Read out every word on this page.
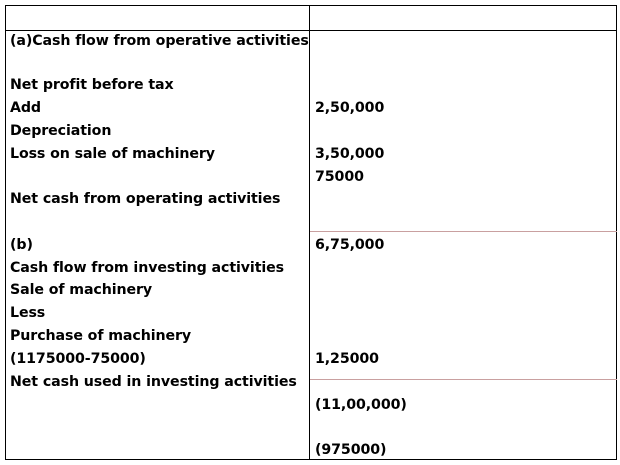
(a)Cash flow from operative activities
Net profit before tax
Add
Depreciation
Loss on sale of machinery
Net cash from operating activities
(b)
Cash flow from investing activities
Sale of machinery
Less
Purchase of machinery
(1175000-75000)
Net cash used in investing activities
2,50,000
3,50,000
75000
6,75,000
1,25000
(11,00,000)
(975000)
